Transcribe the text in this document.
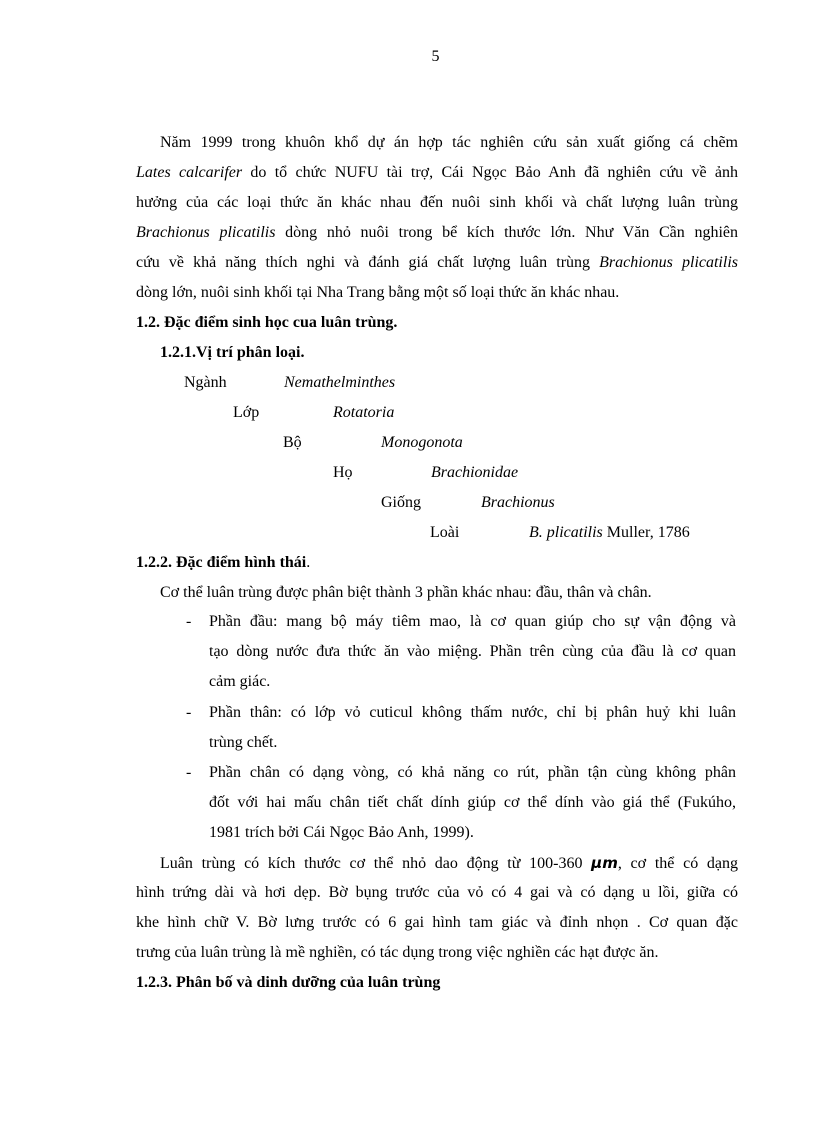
5
Năm 1999 trong khuôn khổ dự án hợp tác nghiên cứu sản xuất giống cá chẽm
Lates calcarifer do tổ chức NUFU tài trợ, Cái Ngọc Bảo Anh đã nghiên cứu về ảnh
hưởng của các loại thức ăn khác nhau đến nuôi sinh khối và chất lượng luân trùng
Brachionus plicatilis dòng nhỏ nuôi trong bể kích thước lớn. Như Văn Cần nghiên
cứu về khả năng thích nghi và đánh giá chất lượng luân trùng Brachionus plicatilis
dòng lớn, nuôi sinh khối tại Nha Trang bằng một số loại thức ăn khác nhau.
1.2. Đặc điểm sinh học cua luân trùng.
1.2.1.Vị trí phân loại.
Ngành	Nemathelminthes
Lớp	Rotatoria
Bộ	Monogonota
Họ	Brachionidae
Giống	Brachionus
Loài	B. plicatilis Muller, 1786
1.2.2. Đặc điểm hình thái.
Cơ thể luân trùng được phân biệt thành 3 phần khác nhau: đầu, thân và chân.
- Phần đầu: mang bộ máy tiêm mao, là cơ quan giúp cho sự vận động và
tạo dòng nước đưa thức ăn vào miệng. Phần trên cùng của đầu là cơ quan
cảm giác.
- Phần thân: có lớp vỏ cuticul không thấm nước, chỉ bị phân huỷ khi luân
trùng chết.
- Phần chân có dạng vòng, có khả năng co rút, phần tận cùng không phân
đốt với hai mấu chân tiết chất dính giúp cơ thể dính vào giá thể (Fukúho,
1981 trích bởi Cái Ngọc Bảo Anh, 1999).
Luân trùng có kích thước cơ thể nhỏ dao động từ 100-360 µm, cơ thể có dạng
hình trứng dài và hơi dẹp. Bờ bụng trước của vỏ có 4 gai và có dạng u lồi, giữa có
khe hình chữ V. Bờ lưng trước có 6 gai hình tam giác và đỉnh nhọn . Cơ quan đặc
trưng của luân trùng là mề nghiền, có tác dụng trong việc nghiền các hạt được ăn.
1.2.3. Phân bố và dinh dưỡng của luân trùng
